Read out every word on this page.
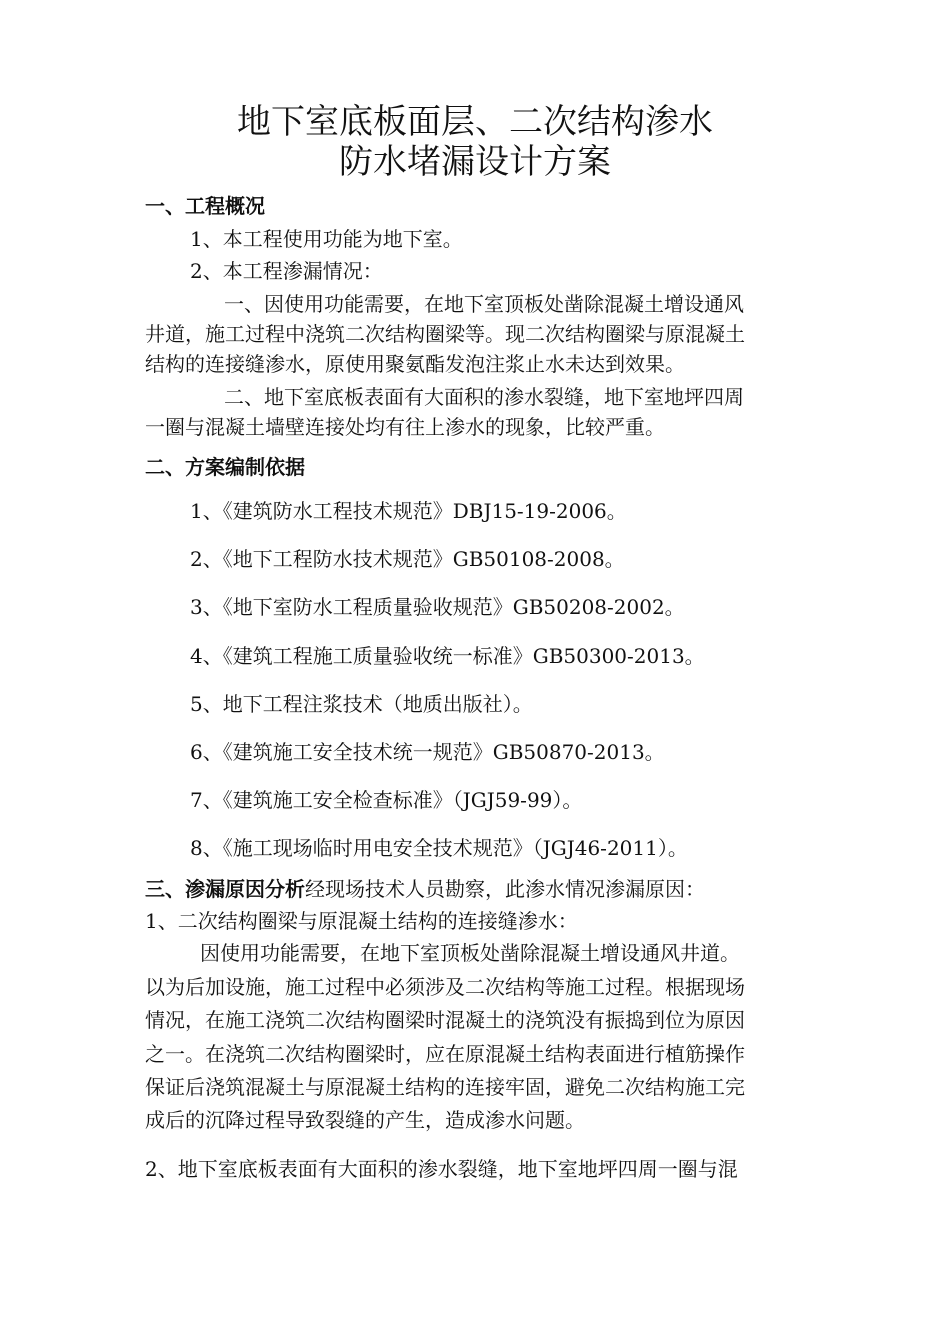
地下室底板面层、二次结构渗水
防水堵漏设计方案
一、工程概况
1、本工程使用功能为地下室。
2、本工程渗漏情况：
一、因使用功能需要，在地下室顶板处凿除混凝土增设通风
井道，施工过程中浇筑二次结构圈梁等。现二次结构圈梁与原混凝土
结构的连接缝渗水，原使用聚氨酯发泡注浆止水未达到效果。
二、地下室底板表面有大面积的渗水裂缝，地下室地坪四周
一圈与混凝土墙壁连接处均有往上渗水的现象，比较严重。
二、方案编制依据
1、《建筑防水工程技术规范》DBJ15-19-2006。
2、《地下工程防水技术规范》GB50108-2008。
3、《地下室防水工程质量验收规范》GB50208-2002。
4、《建筑工程施工质量验收统一标准》GB50300-2013。
5、地下工程注浆技术（地质出版社）。
6、《建筑施工安全技术统一规范》GB50870-2013。
7、《建筑施工安全检查标准》（JGJ59-99）。
8、《施工现场临时用电安全技术规范》（JGJ46-2011）。
三、渗漏原因分析经现场技术人员勘察，此渗水情况渗漏原因：
1、二次结构圈梁与原混凝土结构的连接缝渗水：
因使用功能需要，在地下室顶板处凿除混凝土增设通风井道。
以为后加设施，施工过程中必须涉及二次结构等施工过程。根据现场
情况，在施工浇筑二次结构圈梁时混凝土的浇筑没有振捣到位为原因
之一。在浇筑二次结构圈梁时，应在原混凝土结构表面进行植筋操作
保证后浇筑混凝土与原混凝土结构的连接牢固，避免二次结构施工完
成后的沉降过程导致裂缝的产生，造成渗水问题。
2、地下室底板表面有大面积的渗水裂缝，地下室地坪四周一圈与混
